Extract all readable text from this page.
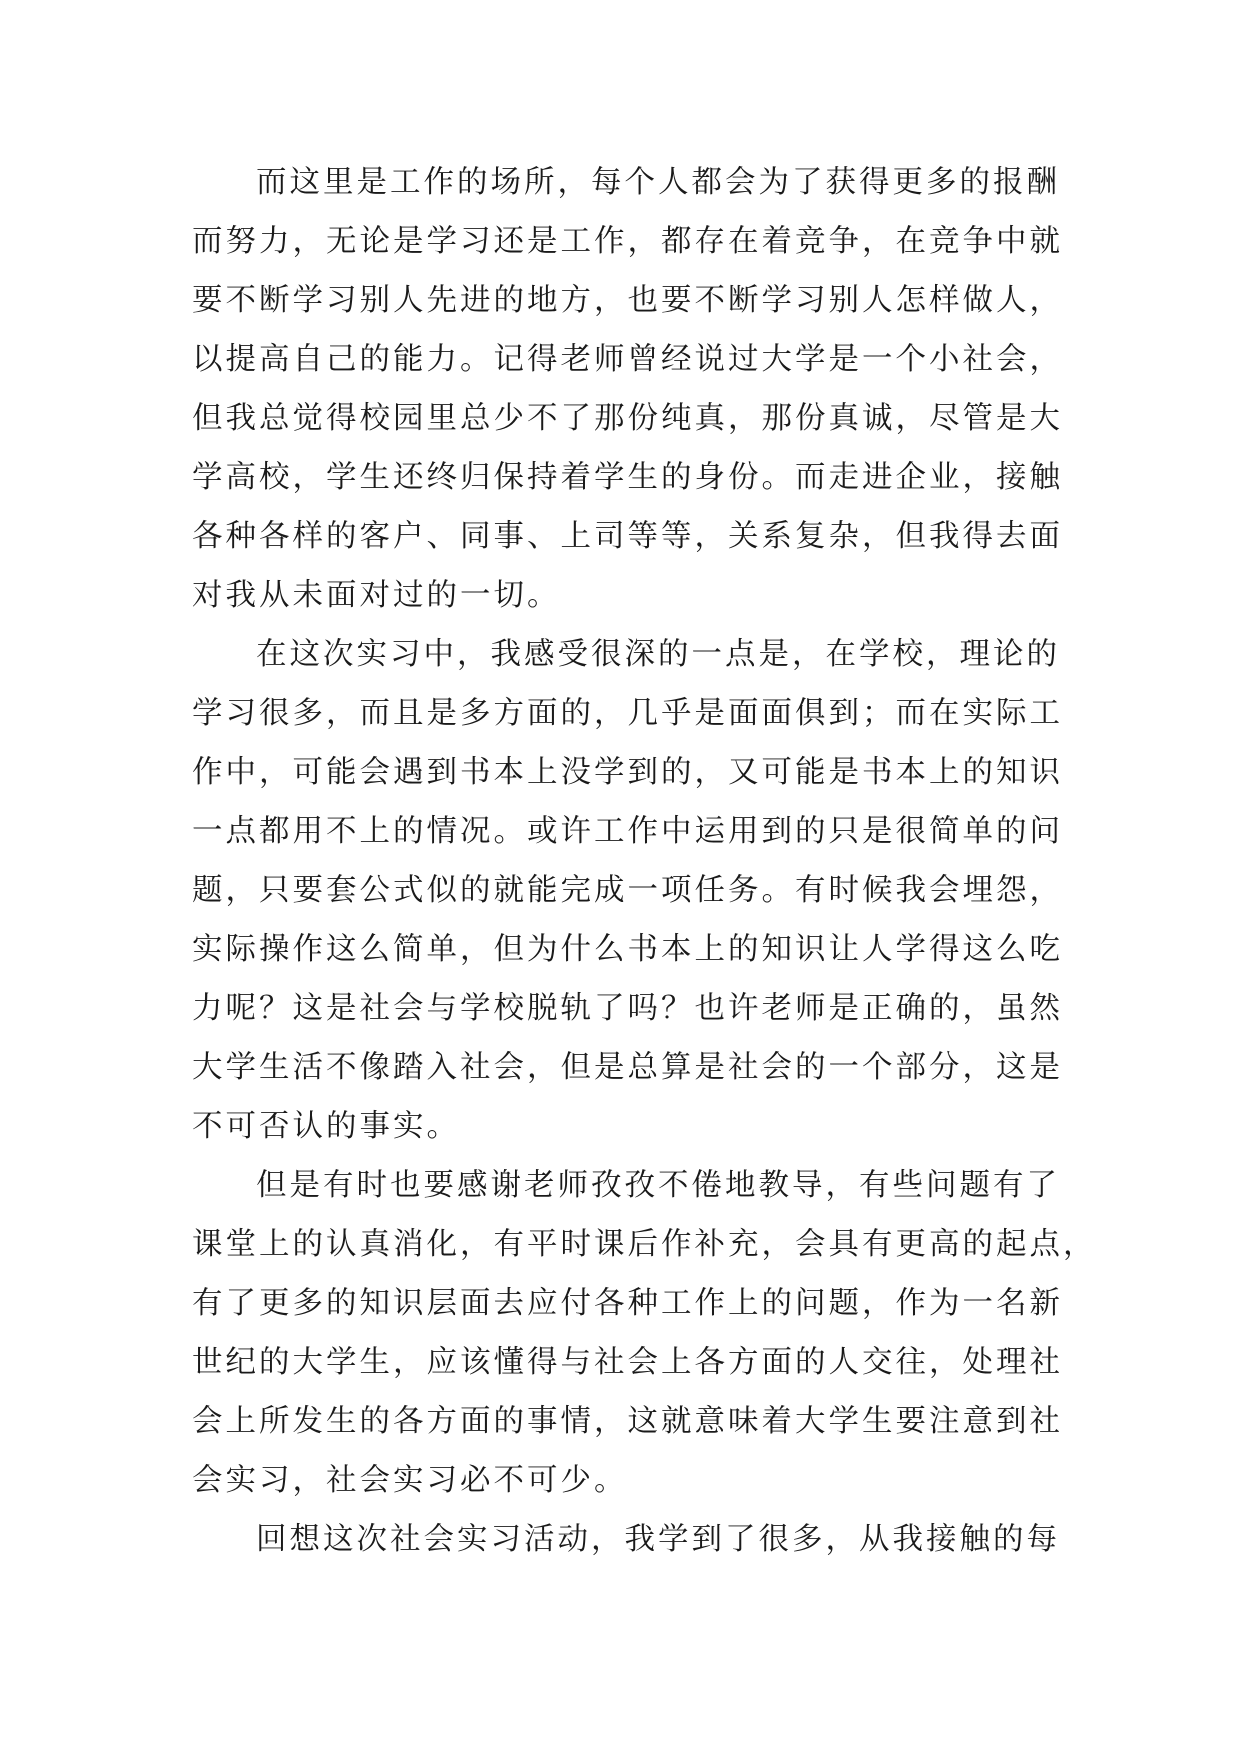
而这里是工作的场所，每个人都会为了获得更多的报酬
而努力，无论是学习还是工作，都存在着竞争，在竞争中就
要不断学习别人先进的地方，也要不断学习别人怎样做人，
以提高自己的能力。记得老师曾经说过大学是一个小社会，
但我总觉得校园里总少不了那份纯真，那份真诚，尽管是大
学高校，学生还终归保持着学生的身份。而走进企业，接触
各种各样的客户、同事、上司等等，关系复杂，但我得去面
对我从未面对过的一切。
在这次实习中，我感受很深的一点是，在学校，理论的
学习很多，而且是多方面的，几乎是面面俱到；而在实际工
作中，可能会遇到书本上没学到的，又可能是书本上的知识
一点都用不上的情况。或许工作中运用到的只是很简单的问
题，只要套公式似的就能完成一项任务。有时候我会埋怨，
实际操作这么简单，但为什么书本上的知识让人学得这么吃
力呢？这是社会与学校脱轨了吗？也许老师是正确的，虽然
大学生活不像踏入社会，但是总算是社会的一个部分，这是
不可否认的事实。
但是有时也要感谢老师孜孜不倦地教导，有些问题有了
课堂上的认真消化，有平时课后作补充，会具有更高的起点，
有了更多的知识层面去应付各种工作上的问题，作为一名新
世纪的大学生，应该懂得与社会上各方面的人交往，处理社
会上所发生的各方面的事情，这就意味着大学生要注意到社
会实习，社会实习必不可少。
回想这次社会实习活动，我学到了很多，从我接触的每
